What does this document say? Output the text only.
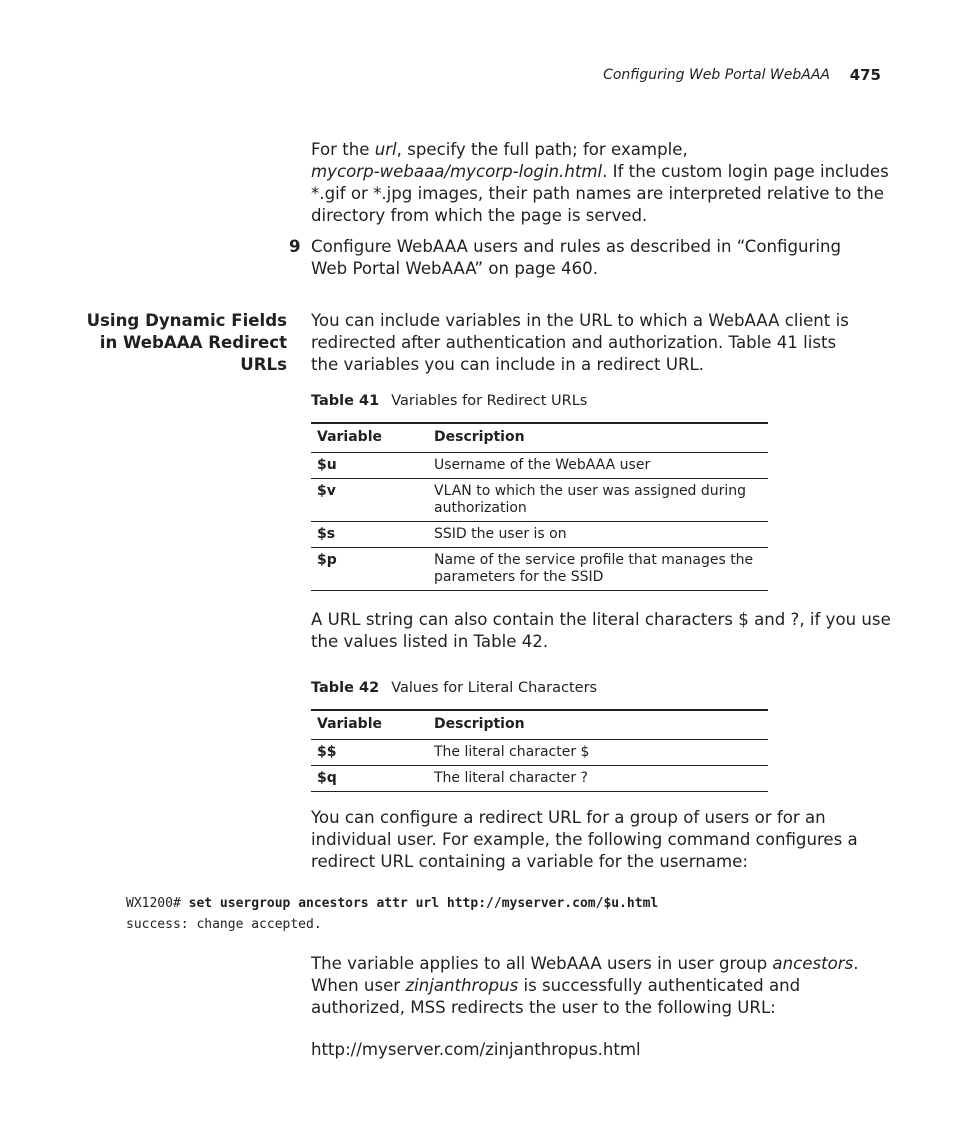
Configuring Web Portal WebAAA 475

For the url, specify the full path; for example,
mycorp-webaaa/mycorp-login.html. If the custom login page includes *.gif or *.jpg images, their path names are interpreted relative to the directory from which the page is served.

9 Configure WebAAA users and rules as described in “Configuring Web Portal WebAAA” on page 460.
Using Dynamic Fields
in WebAAA Redirect
URLs
You can include variables in the URL to which a WebAAA client is redirected after authentication and authorization. Table 41 lists the variables you can include in a redirect URL.
Table 41 Variables for Redirect URLs
Variable	Description
$u	Username of the WebAAA user
$v	VLAN to which the user was assigned during authorization
$s	SSID the user is on
$p	Name of the service profile that manages the parameters for the SSID
A URL string can also contain the literal characters $ and ?, if you use the values listed in Table 42.
Table 42 Values for Literal Characters
Variable	Description
$$	The literal character $
$q	The literal character ?
You can configure a redirect URL for a group of users or for an individual user. For example, the following command configures a redirect URL containing a variable for the username:
WX1200# set usergroup ancestors attr url http://myserver.com/$u.html
success: change accepted.

The variable applies to all WebAAA users in user group ancestors. When user zinjanthropus is successfully authenticated and authorized, MSS redirects the user to the following URL:

http://myserver.com/zinjanthropus.html
